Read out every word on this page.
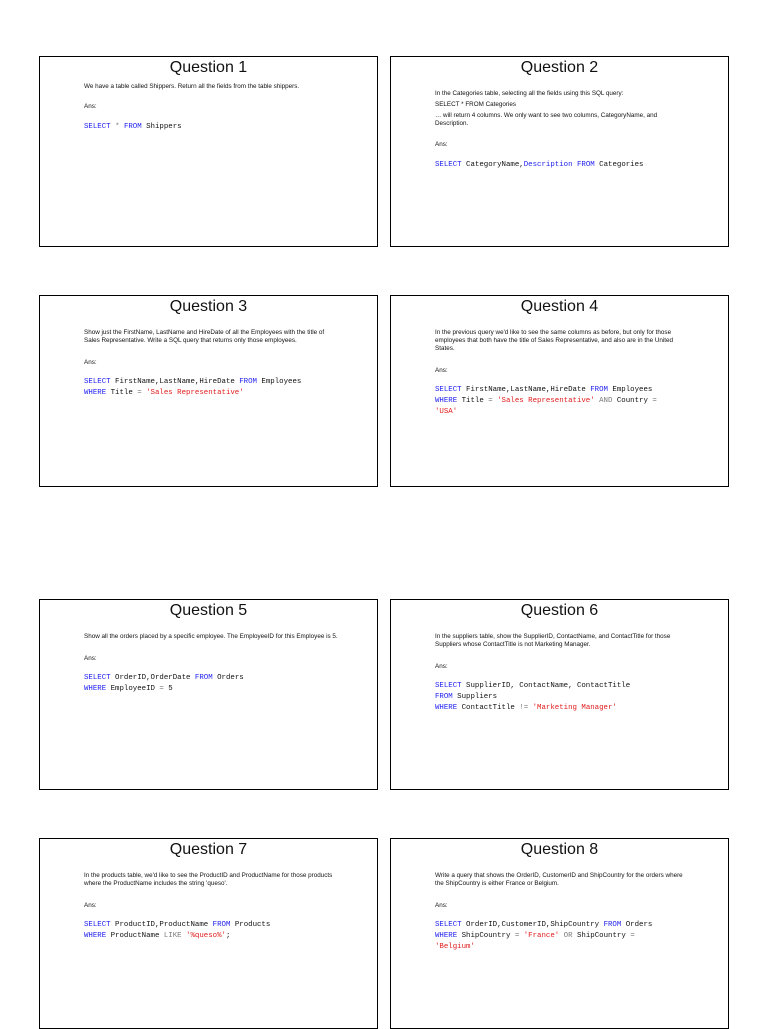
Question 1

We have a table called Shippers. Return all the fields from the table shippers.

Ans:

SELECT * FROM Shippers
Question 2

In the Categories table, selecting all the fields using this SQL query:

SELECT * FROM Categories

… will return 4 columns. We only want to see two columns, CategoryName, and Description.

Ans:

SELECT CategoryName,Description FROM Categories
Question 3

Show just the FirstName, LastName and HireDate of all the Employees with the title of Sales Representative. Write a SQL query that returns only those employees.

Ans:

SELECT FirstName,LastName,HireDate FROM Employees
WHERE Title = 'Sales Representative'
Question 4

In the previous query we'd like to see the same columns as before, but only for those employees that both have the title of Sales Representative, and also are in the United States.

Ans:

SELECT FirstName,LastName,HireDate FROM Employees
WHERE Title = 'Sales Representative' AND Country =
'USA'
Question 5

Show all the orders placed by a specific employee. The EmployeeID for this Employee is 5.

Ans:

SELECT OrderID,OrderDate FROM Orders
WHERE EmployeeID = 5
Question 6

In the suppliers table, show the SupplierID, ContactName, and ContactTitle for those Suppliers whose ContactTitle is not Marketing Manager.

Ans:

SELECT SupplierID, ContactName, ContactTitle
FROM Suppliers
WHERE ContactTitle != 'Marketing Manager'
Question 7

In the products table, we'd like to see the ProductID and ProductName for those products where the ProductName includes the string 'queso'.

Ans:

SELECT ProductID,ProductName FROM Products
WHERE ProductName LIKE '%queso%';
Question 8

Write a query that shows the OrderID, CustomerID and ShipCountry for the orders where the ShipCountry is either France or Belgium.

Ans:

SELECT OrderID,CustomerID,ShipCountry FROM Orders
WHERE ShipCountry = 'France' OR ShipCountry =
'Belgium'
